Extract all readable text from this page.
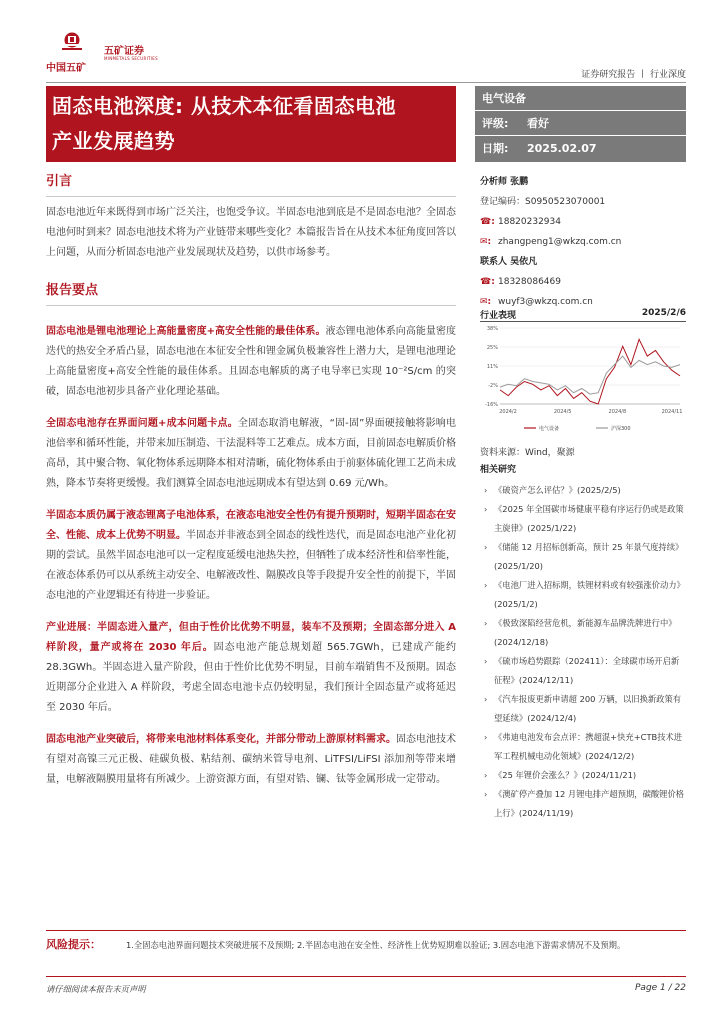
中国五矿
五矿证券
MINMETALS SECURITIES
证券研究报告 丨 行业深度
固态电池深度: 从技术本征看固态电池
产业发展趋势
电气设备
评级: 看好
日期: 2025.02.07
引言

固态电池近年来既得到市场广泛关注，也饱受争议。半固态电池到底是不是固态电池？全固态电池何时到来？固态电池技术将为产业链带来哪些变化？本篇报告旨在从技术本征角度回答以上问题，从而分析固态电池产业发展现状及趋势，以供市场参考。

报告要点

固态电池是锂电池理论上高能量密度+高安全性能的最佳体系。液态锂电池体系向高能量密度迭代的热安全矛盾凸显，固态电池在本征安全性和锂金属负极兼容性上潜力大，是锂电池理论上高能量密度+高安全性能的最佳体系。且固态电解质的离子电导率已实现 10⁻²S/cm 的突破，固态电池初步具备产业化理论基础。

全固态电池存在界面问题+成本问题卡点。全固态取消电解液，“固-固”界面硬接触将影响电池倍率和循环性能，并带来加压制造、干法混料等工艺难点。成本方面，目前固态电解质价格高昂，其中聚合物、氧化物体系远期降本相对清晰，硫化物体系由于前驱体硫化锂工艺尚未成熟，降本节奏将更缓慢。我们测算全固态电池远期成本有望达到 0.69 元/Wh。

半固态本质仍属于液态锂离子电池体系，在液态电池安全性仍有提升预期时，短期半固态在安全、性能、成本上优势不明显。半固态并非液态到全固态的线性迭代，而是固态电池产业化初期的尝试。虽然半固态电池可以一定程度延缓电池热失控，但牺牲了成本经济性和倍率性能，在液态体系仍可以从系统主动安全、电解液改性、隔膜改良等手段提升安全性的前提下，半固态电池的产业逻辑还有待进一步验证。

产业进展：半固态进入量产，但由于性价比优势不明显，装车不及预期；全固态部分进入 A 样阶段，量产或将在 2030 年后。固态电池产能总规划超 565.7GWh，已建成产能约 28.3GWh。半固态进入量产阶段，但由于性价比优势不明显，目前车端销售不及预期。固态近期部分企业进入 A 样阶段，考虑全固态电池卡点仍较明显，我们预计全固态量产或将延迟至 2030 年后。

固态电池产业突破后，将带来电池材料体系变化，并部分带动上游原材料需求。固态电池技术有望对高镍三元正极、硅碳负极、粘结剂、碳纳米管导电剂、LiTFSI/LiFSI 添加剂等带来增量，电解液隔膜用量将有所减少。上游资源方面，有望对锆、镧、钛等金属形成一定带动。

分析师 张鹏
登记编码：S0950523070001
☎: 18820232934
✉: zhangpeng1@wkzq.com.cn
联系人 吴依凡
☎: 18328086469
✉: wuyf3@wkzq.com.cn
行业表现	2025/2/6
38%
25%
11%
-2%
-16%
2024/2	2024/5	2024/8	2024/11
电气设备	沪深300
资料来源：Wind，聚源
相关研究
› 《破资产怎么评估？》(2025/2/5)
› 《2025 年全国碳市场健康平稳有序运行仍或是政策主旋律》(2025/1/22)
› 《储能 12 月招标创新高，预计 25 年景气度持续》(2025/1/20)
› 《电池厂进入招标期，铁锂材料或有较强涨价动力》(2025/1/2)
› 《极致深陷经营危机，新能源车品牌洗牌进行中》(2024/12/18)
› 《硫市场趋势跟踪（202411）：全球碳市场开启新征程》(2024/12/11)
› 《汽车报废更新申请超 200 万辆，以旧换新政策有望延续》(2024/12/4)
› 《弗迪电池发布会点评：携超混+快充+CTB技术进军工程机械电动化领域》(2024/12/2)
› 《25 年锂价会涨么？》(2024/11/21)
› 《澳矿停产叠加 12 月锂电排产超预期，碳酸锂价格上行》(2024/11/19)
风险提示：	1.全固态电池界面问题技术突破进展不及预期; 2.半固态电池在安全性、经济性上优势短期难以验证; 3.固态电池下游需求情况不及预期。

请仔细阅读本报告末页声明	Page 1 / 22
